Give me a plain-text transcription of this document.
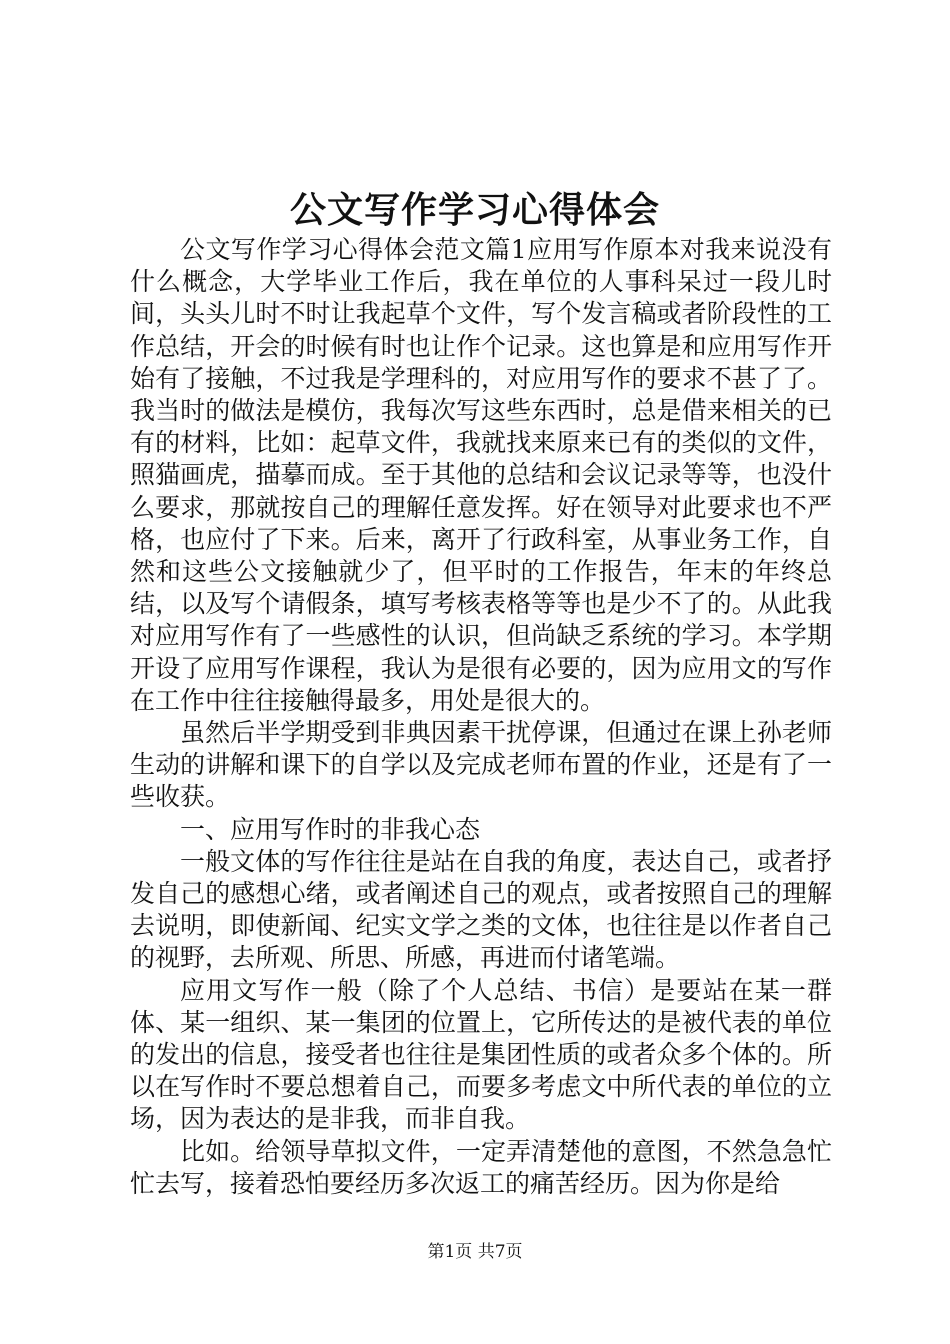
公文写作学习心得体会

公文写作学习心得体会范文篇1应用写作原本对我来说没有什么概念，大学毕业工作后，我在单位的人事科呆过一段儿时间，头头儿时不时让我起草个文件，写个发言稿或者阶段性的工作总结，开会的时候有时也让作个记录。这也算是和应用写作开始有了接触，不过我是学理科的，对应用写作的要求不甚了了。我当时的做法是模仿，我每次写这些东西时，总是借来相关的已有的材料，比如：起草文件，我就找来原来已有的类似的文件，照猫画虎，描摹而成。至于其他的总结和会议记录等等，也没什么要求，那就按自己的理解任意发挥。好在领导对此要求也不严格，也应付了下来。后来，离开了行政科室，从事业务工作，自然和这些公文接触就少了，但平时的工作报告，年末的年终总结，以及写个请假条，填写考核表格等等也是少不了的。从此我对应用写作有了一些感性的认识，但尚缺乏系统的学习。本学期开设了应用写作课程，我认为是很有必要的，因为应用文的写作在工作中往往接触得最多，用处是很大的。

虽然后半学期受到非典因素干扰停课，但通过在课上孙老师生动的讲解和课下的自学以及完成老师布置的作业，还是有了一些收获。

一、应用写作时的非我心态

一般文体的写作往往是站在自我的角度，表达自己，或者抒发自己的感想心绪，或者阐述自己的观点，或者按照自己的理解去说明，即使新闻、纪实文学之类的文体，也往往是以作者自己的视野，去所观、所思、所感，再进而付诸笔端。

应用文写作一般（除了个人总结、书信）是要站在某一群体、某一组织、某一集团的位置上，它所传达的是被代表的单位的发出的信息，接受者也往往是集团性质的或者众多个体的。所以在写作时不要总想着自己，而要多考虑文中所代表的单位的立场，因为表达的是非我，而非自我。

比如。给领导草拟文件，一定弄清楚他的意图，不然急急忙忙去写，接着恐怕要经历多次返工的痛苦经历。因为你是给

第1页 共7页
